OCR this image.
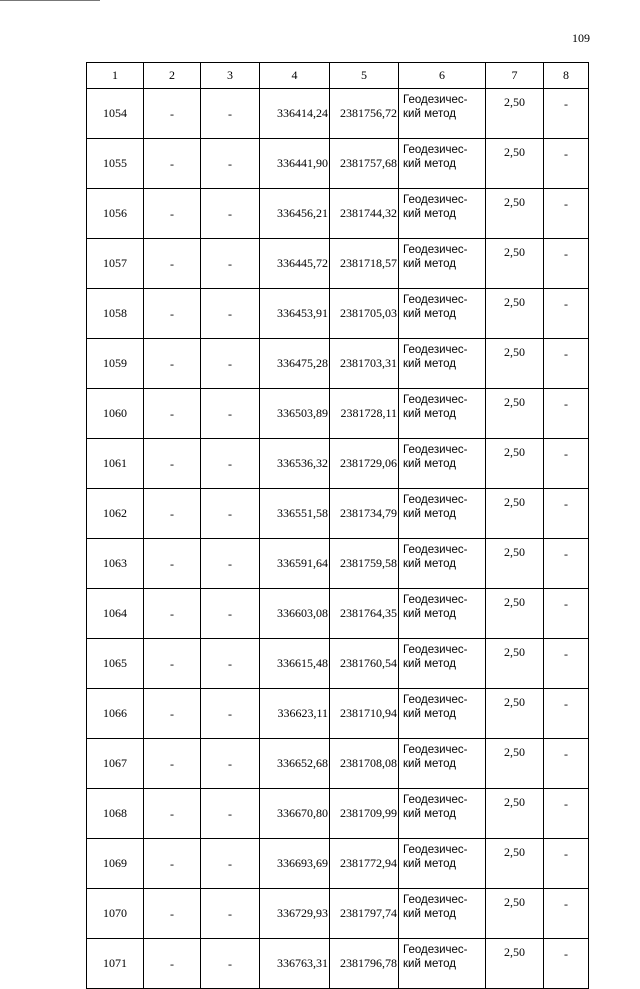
109
1	2	3	4	5	6	7	8
1054	-	-	336414,24	2381756,72	Геодезичес-кий метод	2,50	-
1055	-	-	336441,90	2381757,68	Геодезичес-кий метод	2,50	-
1056	-	-	336456,21	2381744,32	Геодезичес-кий метод	2,50	-
1057	-	-	336445,72	2381718,57	Геодезичес-кий метод	2,50	-
1058	-	-	336453,91	2381705,03	Геодезичес-кий метод	2,50	-
1059	-	-	336475,28	2381703,31	Геодезичес-кий метод	2,50	-
1060	-	-	336503,89	2381728,11	Геодезичес-кий метод	2,50	-
1061	-	-	336536,32	2381729,06	Геодезичес-кий метод	2,50	-
1062	-	-	336551,58	2381734,79	Геодезичес-кий метод	2,50	-
1063	-	-	336591,64	2381759,58	Геодезичес-кий метод	2,50	-
1064	-	-	336603,08	2381764,35	Геодезичес-кий метод	2,50	-
1065	-	-	336615,48	2381760,54	Геодезичес-кий метод	2,50	-
1066	-	-	336623,11	2381710,94	Геодезичес-кий метод	2,50	-
1067	-	-	336652,68	2381708,08	Геодезичес-кий метод	2,50	-
1068	-	-	336670,80	2381709,99	Геодезичес-кий метод	2,50	-
1069	-	-	336693,69	2381772,94	Геодезичес-кий метод	2,50	-
1070	-	-	336729,93	2381797,74	Геодезичес-кий метод	2,50	-
1071	-	-	336763,31	2381796,78	Геодезичес-кий метод	2,50	-
